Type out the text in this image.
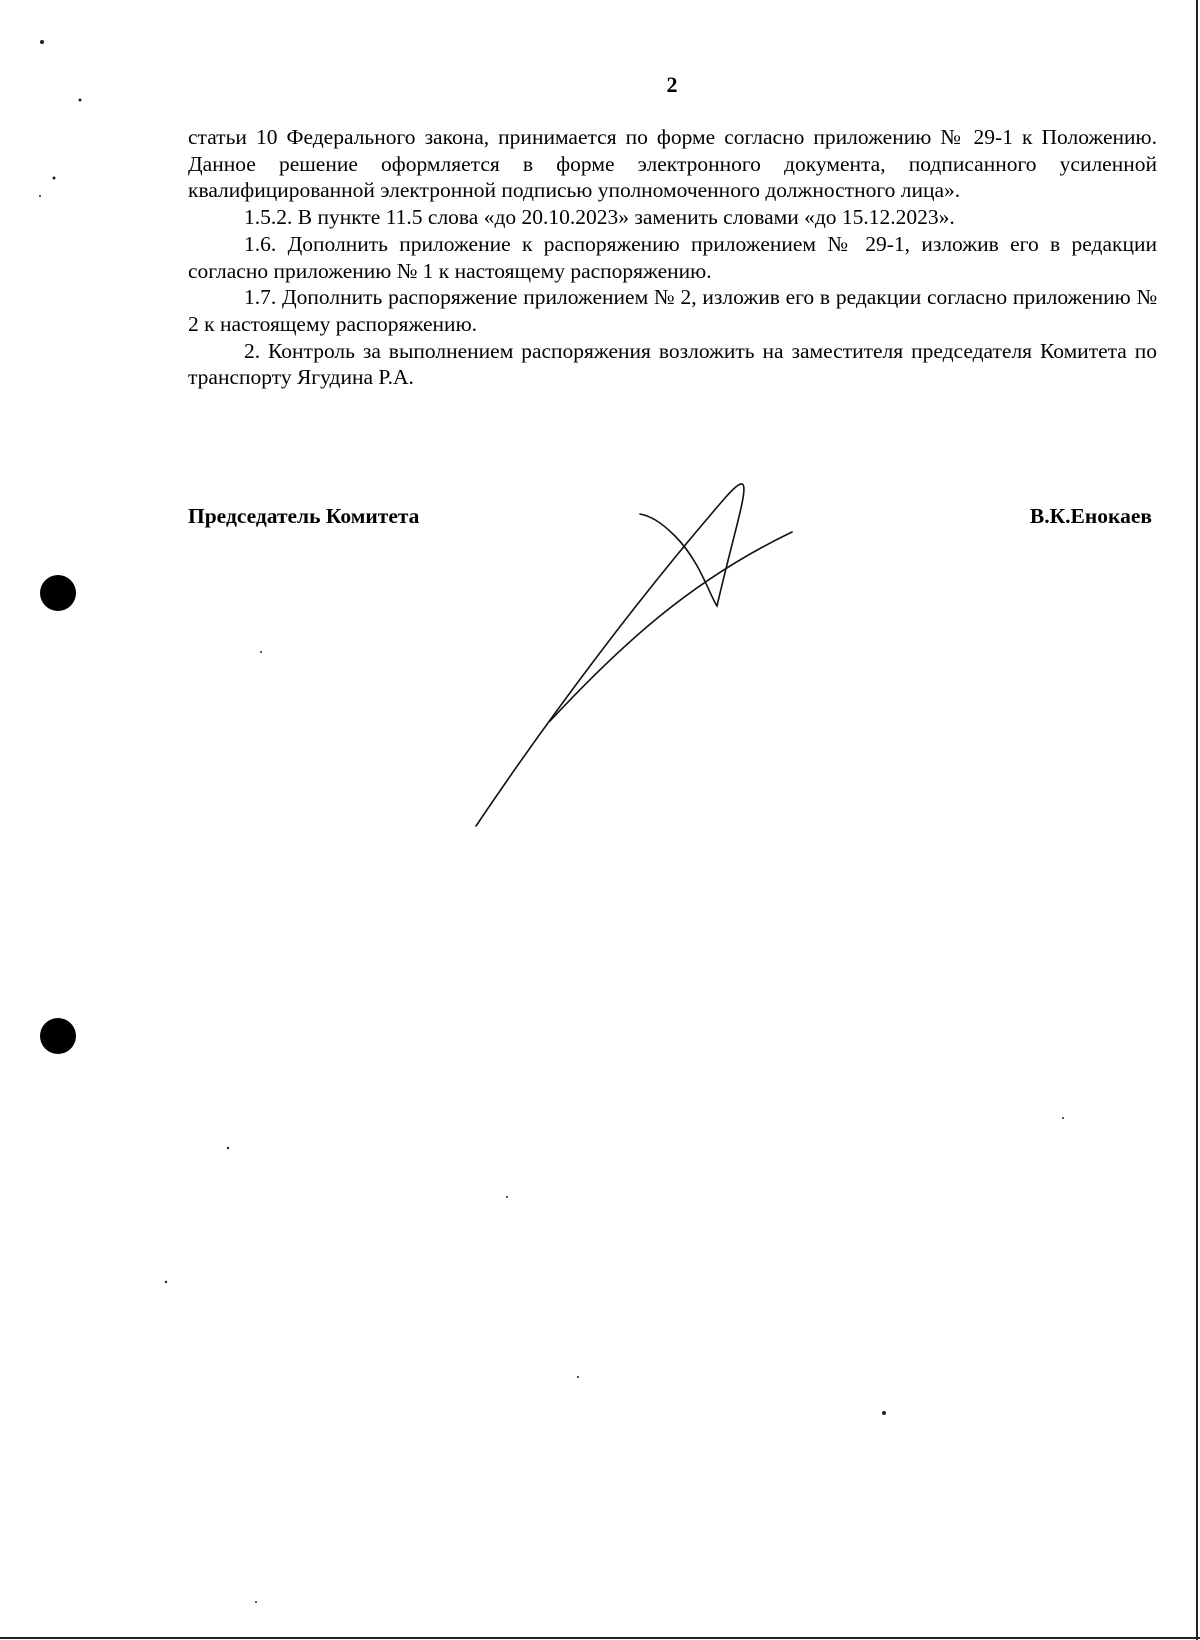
2

статьи 10 Федерального закона, принимается по форме согласно приложению № 29-1 к Положению. Данное решение оформляется в форме электронного документа, подписанного усиленной квалифицированной электронной подписью уполномоченного должностного лица».

1.5.2. В пункте 11.5 слова «до 20.10.2023» заменить словами «до 15.12.2023».

1.6. Дополнить приложение к распоряжению приложением № 29-1, изложив его в редакции согласно приложению № 1 к настоящему распоряжению.

1.7. Дополнить распоряжение приложением № 2, изложив его в редакции согласно приложению № 2 к настоящему распоряжению.

2. Контроль за выполнением распоряжения возложить на заместителя председателя Комитета по транспорту Ягудина Р.А.

Председатель Комитета	В.К.Енокаев
